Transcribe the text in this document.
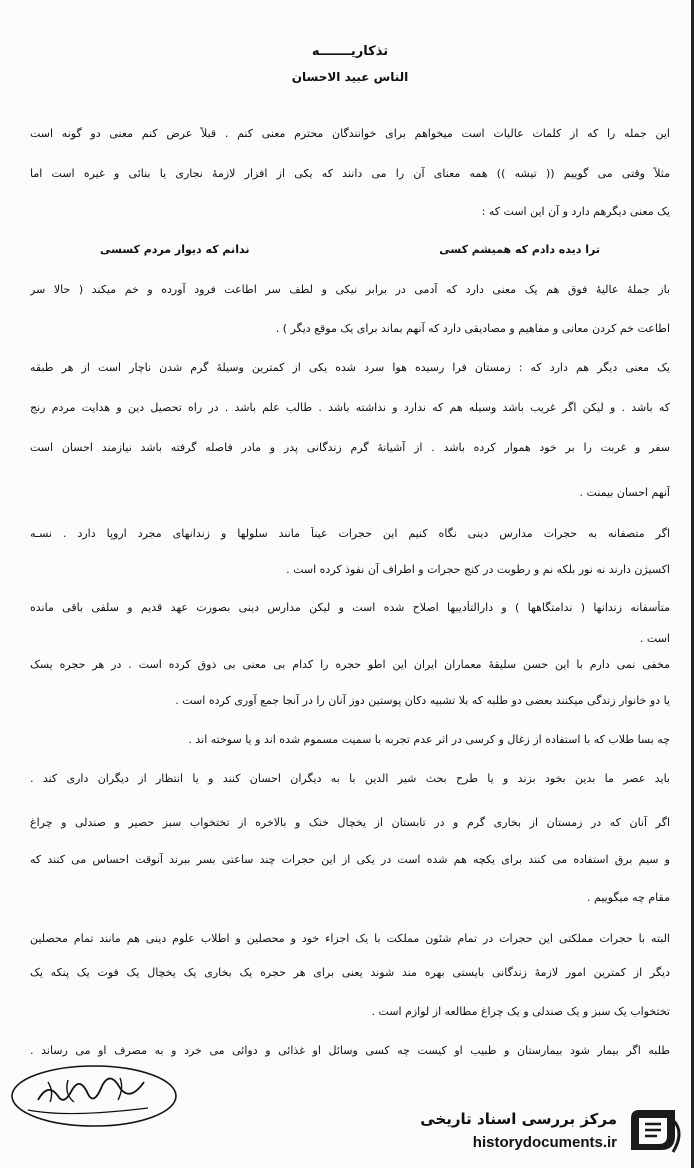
تذکاریـــــــه
الناس عبید الاحسان
این جمله را که از کلمات عالیات است میخواهم برای خوانندگان محترم معنی کنم . قبلاً عرض کنم معنی دو گونه است
مثلاً وقتی می گوییم (( تیشه )) همه معنای آن را می دانند که یکی از افزار لازمهٔ نجاری یا بنائی و غیره است اما
یک معنی دیگرهم دارد و آن این است که :
ترا دیده دادم که همیشم کسی
ندانم که دیوار مردم کسسی
باز جملهٔ عالیهٔ فوق هم یک معنی دارد که آدمی در برابر نیکی و لطف سر اطاعت فرود آورده و خم میکند ( حالا سر
اطاعت خم کردن معانی و مفاهیم و مصادیقی دارد که آنهم بماند برای یک موقع دیگر ) .
یک معنی دیگر هم دارد که : زمستان فرا رسیده هوا سرد شده یکی از کمترین وسیلهٔ گرم شدن ناچار است از هر طبقه
که باشد . و لیکن اگر غریب باشد وسیله هم که ندارد و نداشته باشد . طالب علم باشد . در راه تحصیل دین و هدایت مردم رنج
سفر و غربت را بر خود هموار کرده باشد . از آشیانهٔ گرم زندگانی پدر و مادر فاصله گرفته باشد نیازمند احسان است
آنهم احسان بیمنت .
اگر متصفانه به حجرات مدارس دینی نگاه کنیم این حجرات عیناً مانند سلولها و زندانهای مجرد اروپا دارد . نسـه
اکسیژن دارند نه نور بلکه نم و رطوبت در کنج حجرات و اطراف آن نفوذ کرده است .
متأسفانه زندانها ( ندامتگاهها ) و دارالتأدیبها اصلاح شده است و لیکن مدارس دینی بصورت عهد قدیم و سلفی باقی مانده
است .
مخفی نمی دارم با این حسن سلیقهٔ معماران ایران این اطو حجره را کدام بی معنی بی ذوق کرده است . در هر حجره یسک
یا دو خانوار زندگی میکنند بعضی دو طلبه که بلا تشبیه دکان پوستین دوز آنان را در آنجا جمع آوری کرده است .
چه بسا طلاب که با استفاده از زغال و کرسی در اثر عدم تجربه با سمیت مسموم شده اند و یا سوخته اند .
باید عصر ما بدین بخود بزند و یا طرح بحث شیر الدین با به دیگران احسان کنند و یا انتظار از دیگران داری کند .
اگر آنان که در زمستان از بخاری گرم و در تابستان از یخچال خنک و بالاخره از تختخواب سبز حصیر و صندلی و چراغ
و سیم برق استفاده می کنند برای یکچه هم شده است در یکی از این حجرات چند ساعتی بسر ببرند آنوقت احساس می کنند که
مقام چه میگوییم .
البته با حجرات مملکتی این حجرات در تمام شئون مملکت با یک اجزاء خود و محصلین و اطلاب علوم دینی هم مانند تمام محصلین
دیگر از کمترین امور لازمهٔ زندگانی بایستی بهره مند شوند یعنی برای هر حجره یک بخاری یک یخچال یک فوت یک پنکه یک
تختخواب یک سبز و یک صندلی و یک چراغ مطالعه از لوازم است .
طلبه اگر بیمار شود بیمارستان و طبیب او کیست چه کسی وسائل او غذائی و دوائی می خرد و به مصرف او می رساند .
مرکز بررسی اسناد تاریخی
historydocuments.ir
